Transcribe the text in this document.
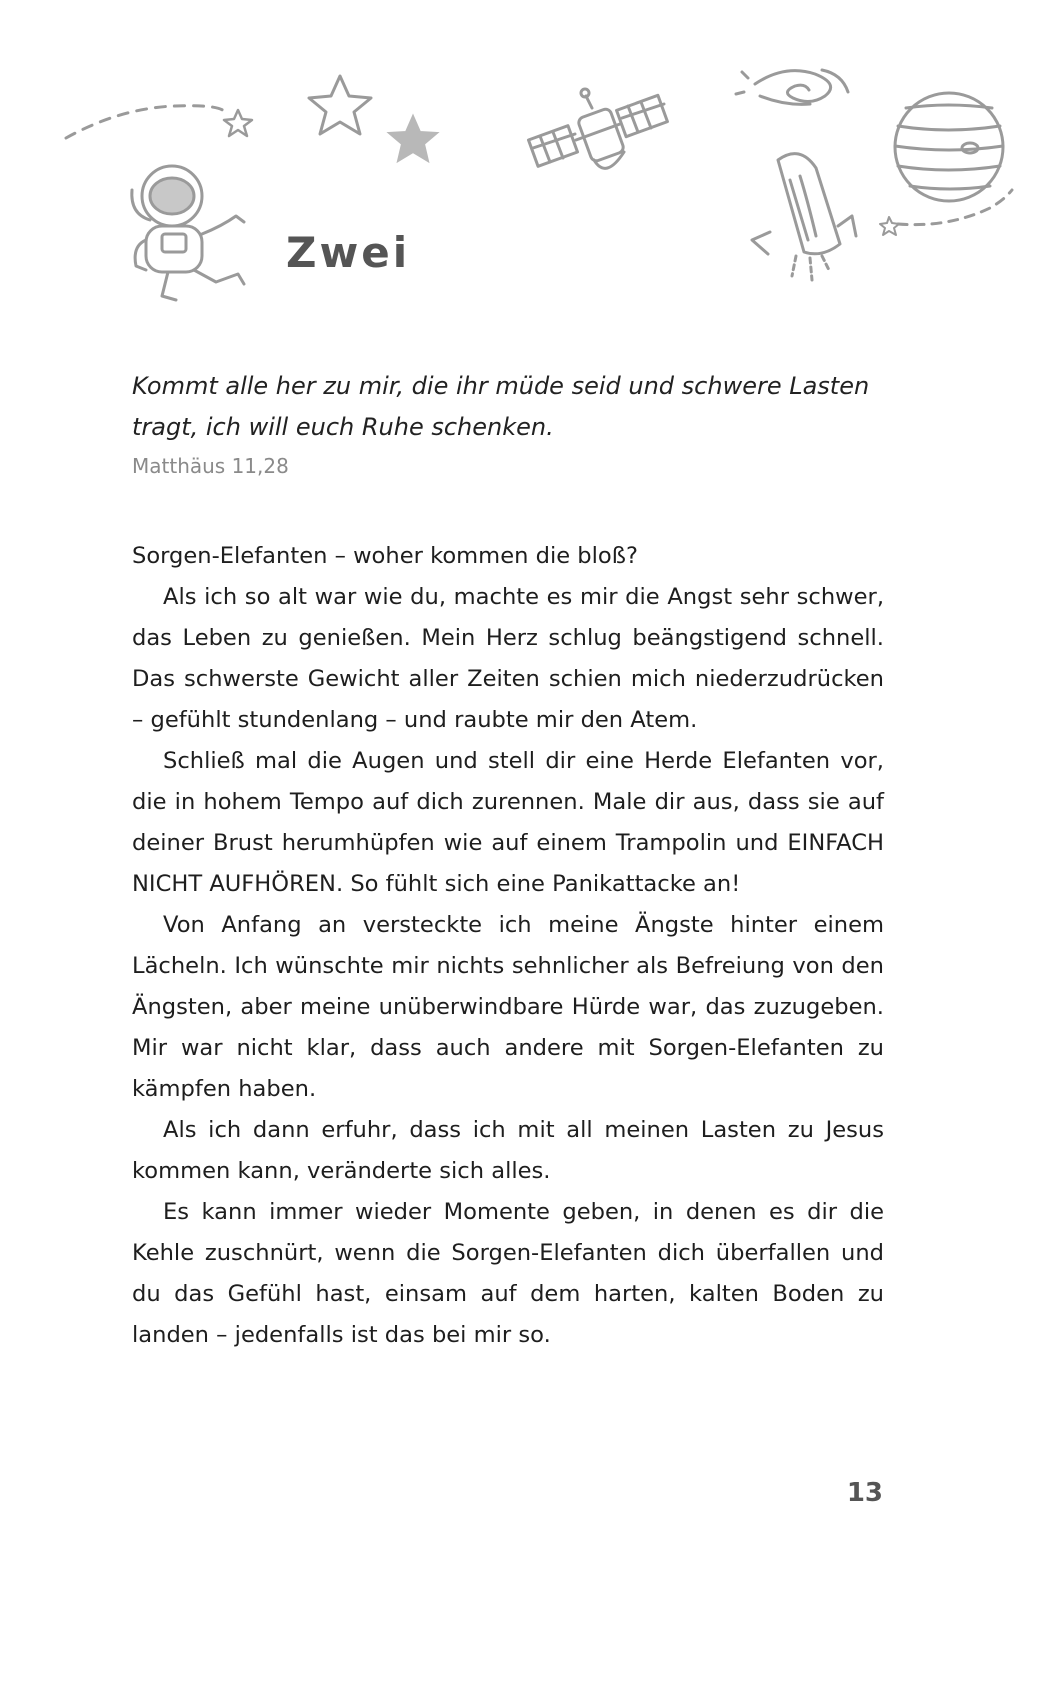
Zwei

Kommt alle her zu mir, die ihr müde seid und schwere Lasten tragt, ich will euch Ruhe schenken.

Matthäus 11,28

Sorgen-Elefanten – woher kommen die bloß?

Als ich so alt war wie du, machte es mir die Angst sehr schwer, das Leben zu genießen. Mein Herz schlug beängstigend schnell. Das schwerste Gewicht aller Zeiten schien mich niederzudrücken – gefühlt stundenlang – und raubte mir den Atem.

Schließ mal die Augen und stell dir eine Herde Elefanten vor, die in hohem Tempo auf dich zurennen. Male dir aus, dass sie auf deiner Brust herumhüpfen wie auf einem Trampolin und EINFACH NICHT AUFHÖREN. So fühlt sich eine Panikattacke an!

Von Anfang an versteckte ich meine Ängste hinter einem Lächeln. Ich wünschte mir nichts sehnlicher als Befreiung von den Ängsten, aber meine unüberwindbare Hürde war, das zuzugeben. Mir war nicht klar, dass auch andere mit Sorgen-Elefanten zu kämpfen haben.

Als ich dann erfuhr, dass ich mit all meinen Lasten zu Jesus kommen kann, veränderte sich alles.

Es kann immer wieder Momente geben, in denen es dir die Kehle zuschnürt, wenn die Sorgen-Elefanten dich überfallen und du das Gefühl hast, einsam auf dem harten, kalten Boden zu landen – jedenfalls ist das bei mir so.

13
